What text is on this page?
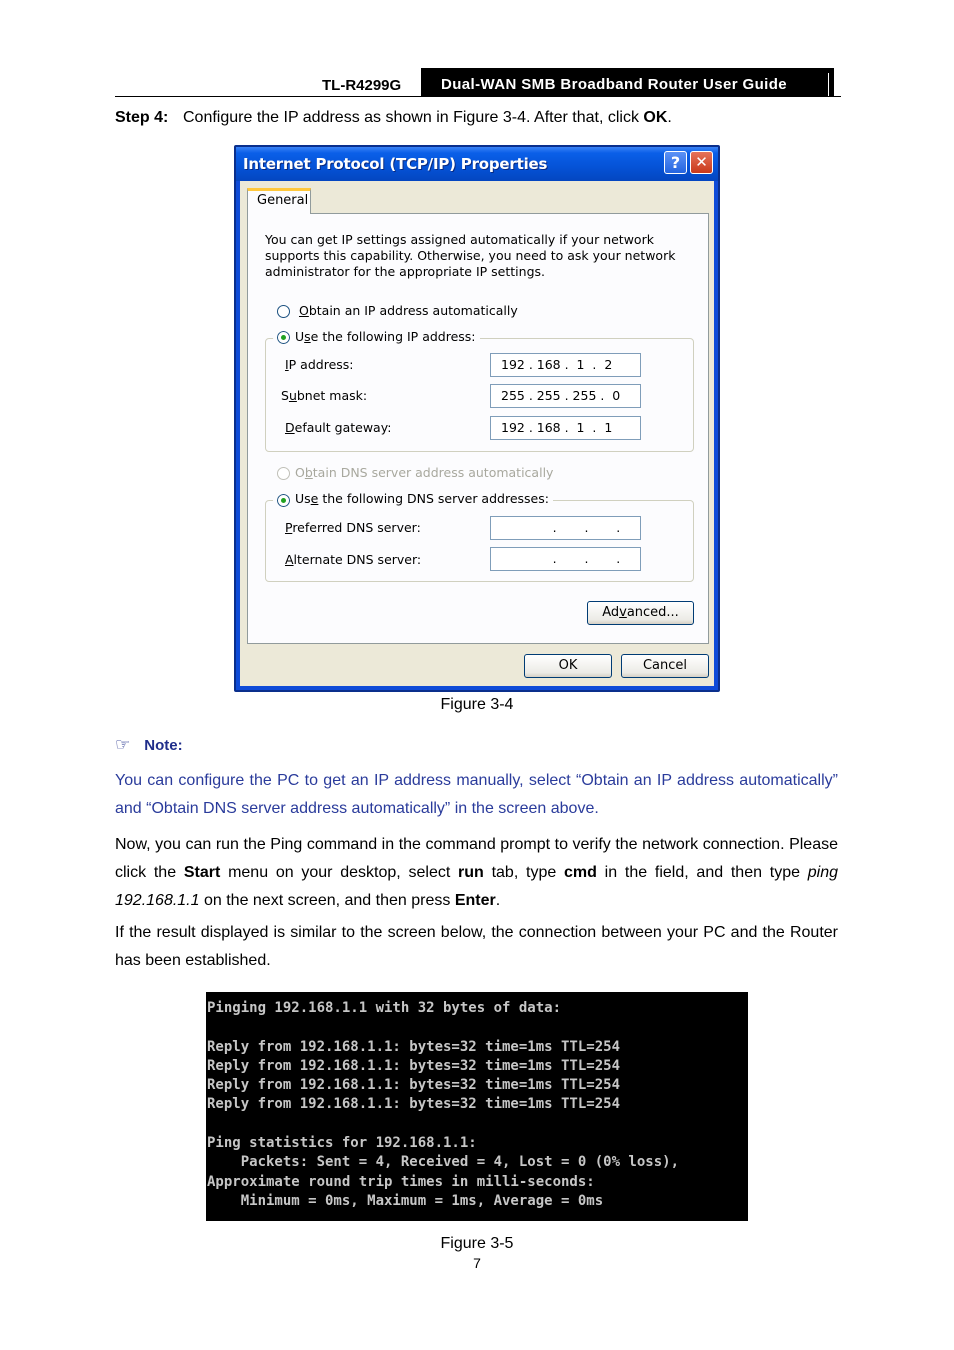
TL-R4299G	Dual-WAN SMB Broadband Router User Guide
Step 4: Configure the IP address as shown in Figure 3-4. After that, click OK.
Internet Protocol (TCP/IP) Properties	?	✕
General
You can get IP settings assigned automatically if your network supports this capability. Otherwise, you need to ask your network administrator for the appropriate IP settings.
Obtain an IP address automatically
Use the following IP address:
IP address:	192 . 168 .  1  .  2
Subnet mask:	255 . 255 . 255 .  0
Default gateway:	192 . 168 .  1  .  1
Obtain DNS server address automatically
Use the following DNS server addresses:
Preferred DNS server:	.       .       .
Alternate DNS server:	.       .       .
Advanced...
OK	Cancel
Figure 3-4
☞ Note:
You can configure the PC to get an IP address manually, select “Obtain an IP address automatically” and “Obtain DNS server address automatically” in the screen above.
Now, you can run the Ping command in the command prompt to verify the network connection. Please click the Start menu on your desktop, select run tab, type cmd in the field, and then type ping 192.168.1.1 on the next screen, and then press Enter.
If the result displayed is similar to the screen below, the connection between your PC and the Router has been established.
Pinging 192.168.1.1 with 32 bytes of data:

Reply from 192.168.1.1: bytes=32 time=1ms TTL=254
Reply from 192.168.1.1: bytes=32 time=1ms TTL=254
Reply from 192.168.1.1: bytes=32 time=1ms TTL=254
Reply from 192.168.1.1: bytes=32 time=1ms TTL=254

Ping statistics for 192.168.1.1:
Packets: Sent = 4, Received = 4, Lost = 0 (0% loss),
Approximate round trip times in milli-seconds:
Minimum = 0ms, Maximum = 1ms, Average = 0ms
Figure 3-5
7
